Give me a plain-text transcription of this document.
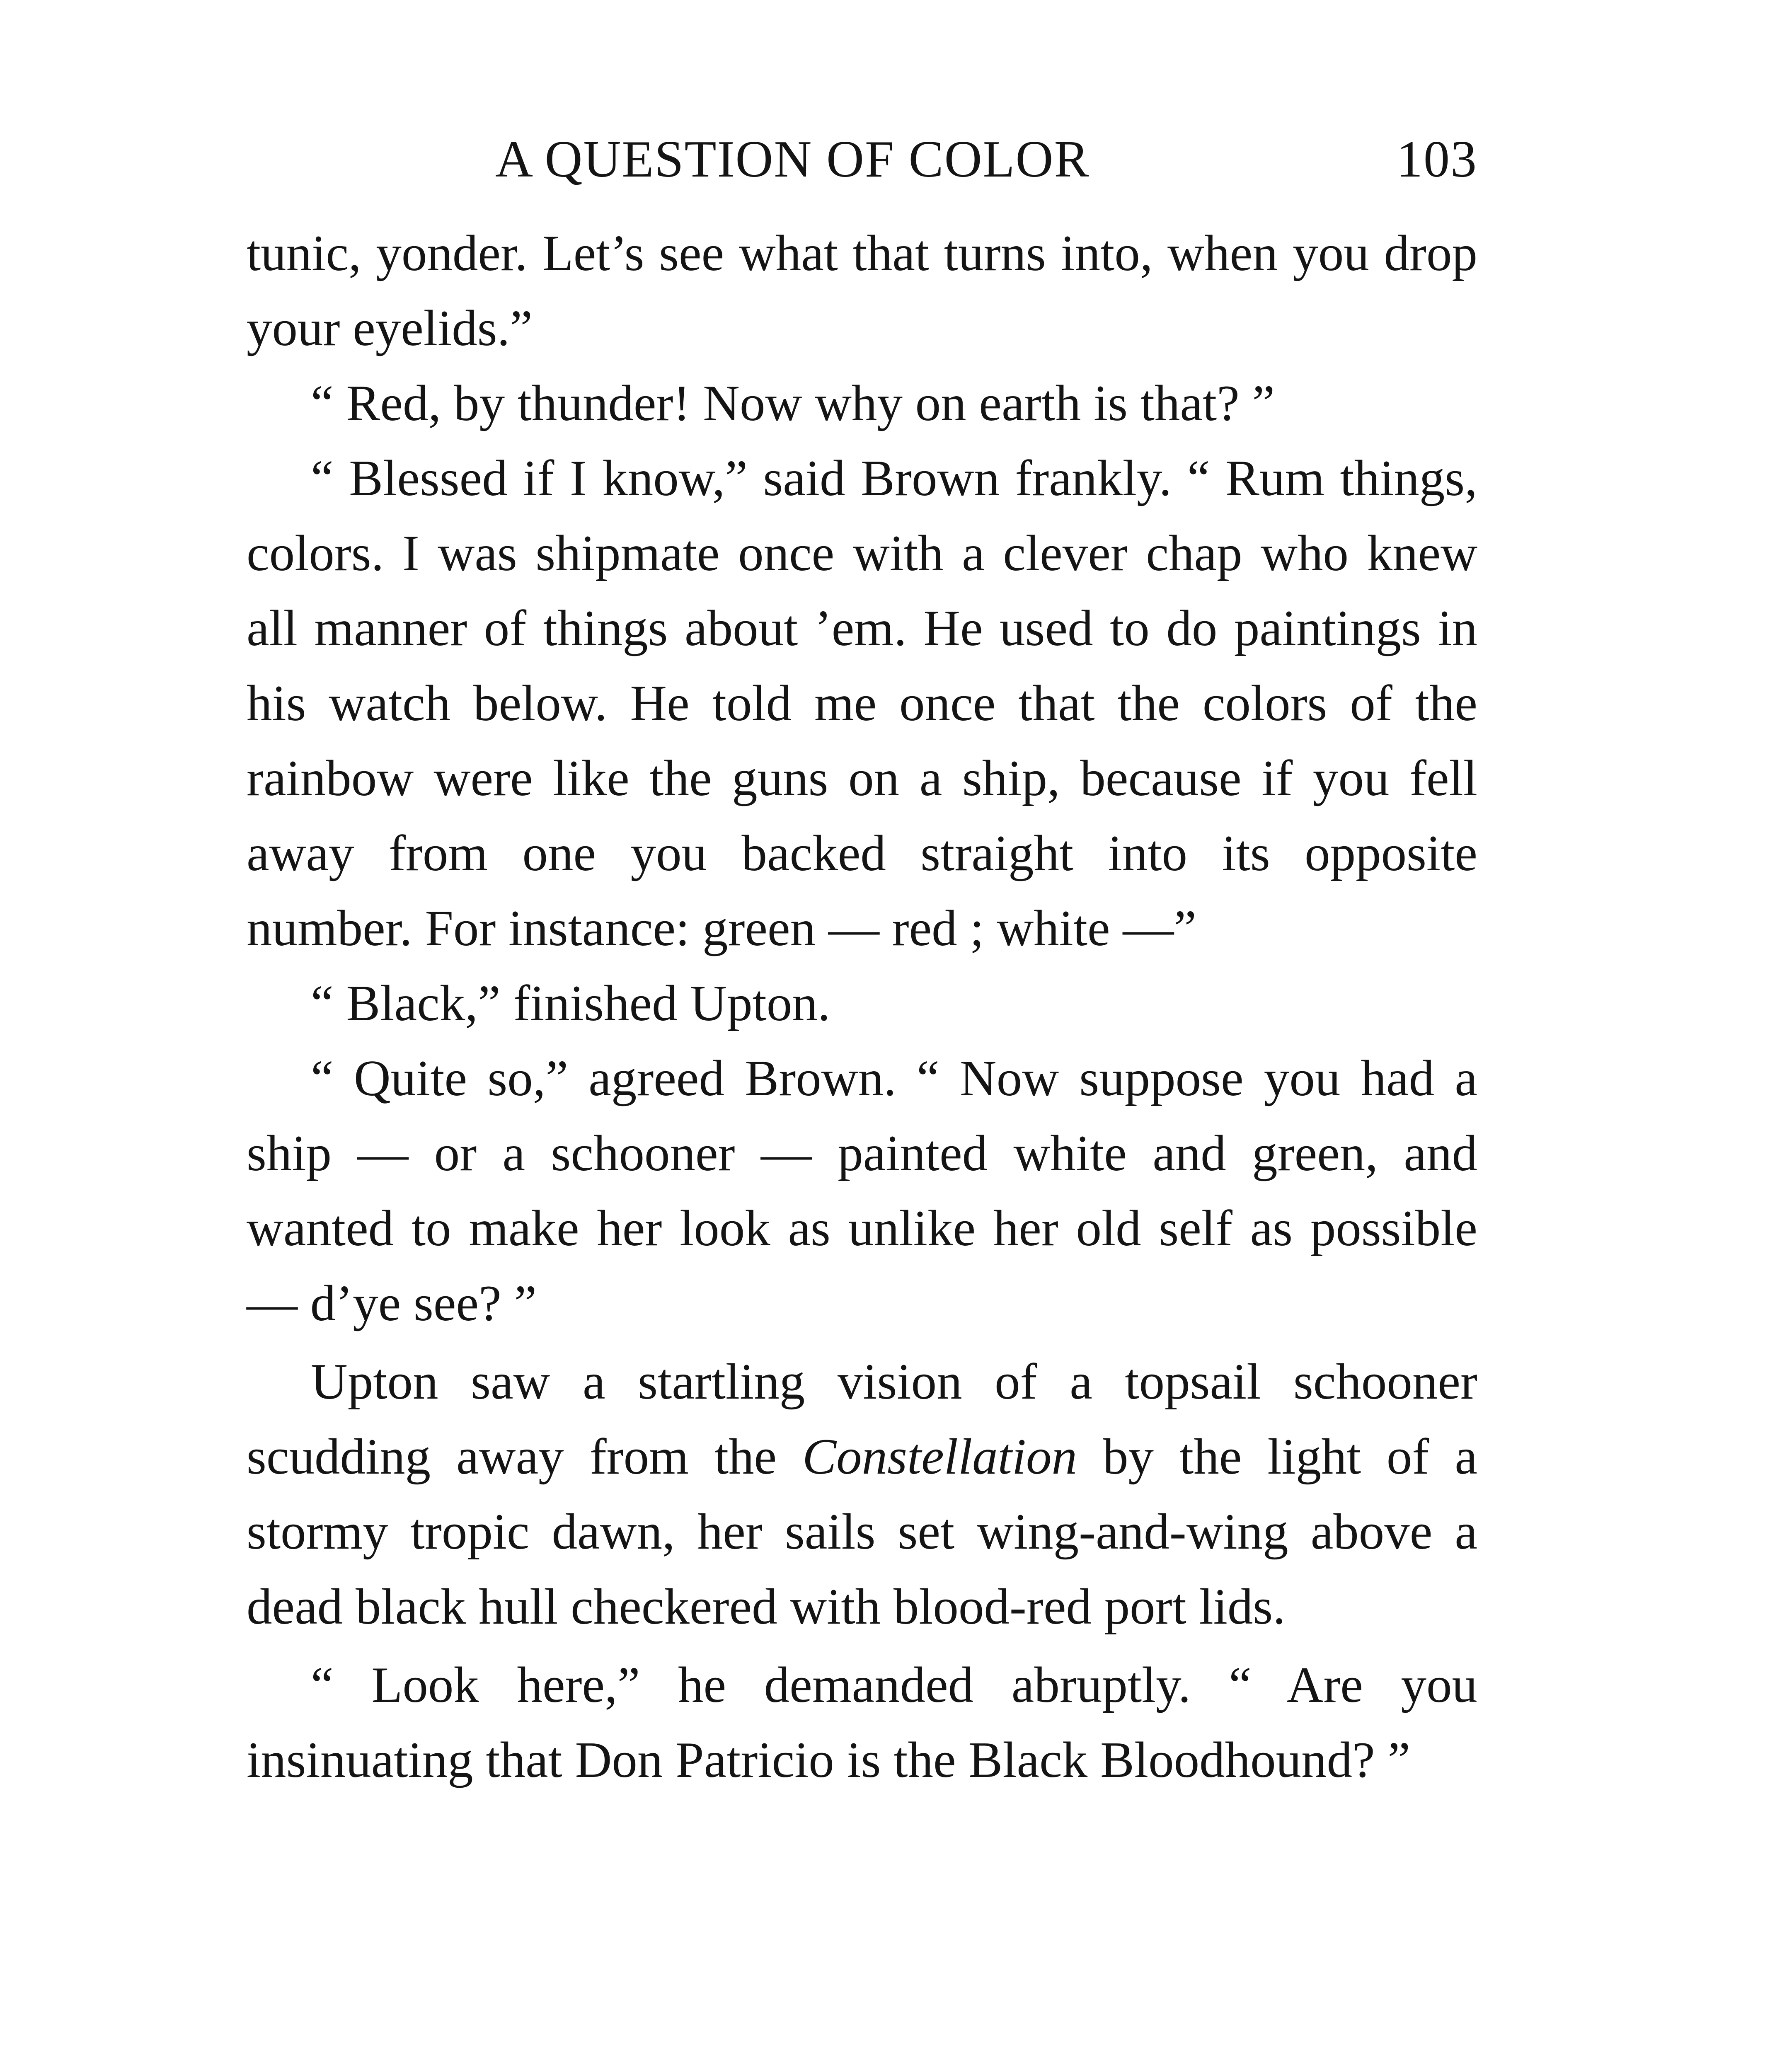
A QUESTION OF COLOR	103

tunic, yonder. Let’s see what that turns into, when you drop your eyelids.”

“ Red, by thunder! Now why on earth is that? ”

“ Blessed if I know,” said Brown frankly. “ Rum things, colors. I was shipmate once with a clever chap who knew all manner of things about ’em. He used to do paintings in his watch below. He told me once that the colors of the rainbow were like the guns on a ship, because if you fell away from one you backed straight into its opposite number. For instance: green — red ; white —”

“ Black,” finished Upton.

“ Quite so,” agreed Brown. “ Now suppose you had a ship — or a schooner — painted white and green, and wanted to make her look as unlike her old self as possible — d’ye see? ”

Upton saw a startling vision of a topsail schooner scudding away from the Constellation by the light of a stormy tropic dawn, her sails set wing-and-wing above a dead black hull checkered with blood-red port lids.

“ Look here,” he demanded abruptly. “ Are you insinuating that Don Patricio is the Black Bloodhound? ”
